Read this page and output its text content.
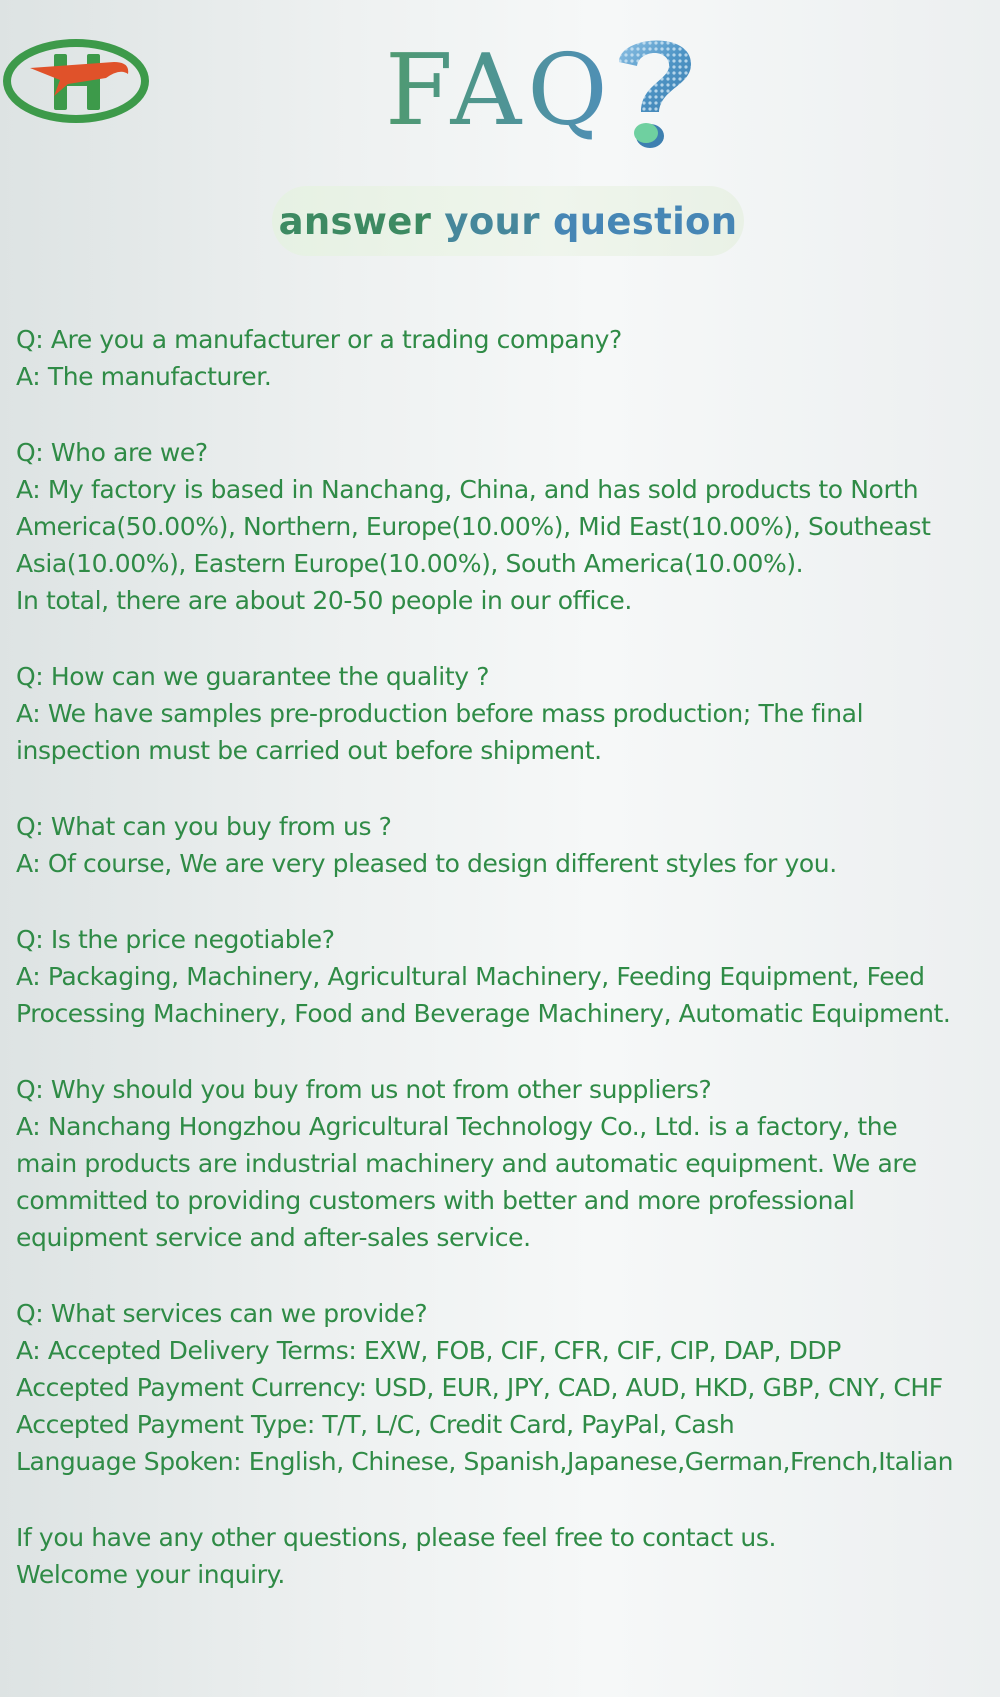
FAQ
answer
your
question

Q: Are you a manufacturer or a trading company?

A: The manufacturer.

Q: Who are we?

A: My factory is based in Nanchang, China, and has sold products to North

America(50.00%), Northern, Europe(10.00%), Mid East(10.00%), Southeast

Asia(10.00%), Eastern Europe(10.00%), South America(10.00%).

In total, there are about 20-50 people in our office.

Q: How can we guarantee the quality ?

A: We have samples pre-production before mass production; The final

inspection must be carried out before shipment.

Q: What can you buy from us ?

A: Of course, We are very pleased to design different styles for you.

Q: Is the price negotiable?

A: Packaging, Machinery, Agricultural Machinery, Feeding Equipment, Feed

Processing Machinery, Food and Beverage Machinery, Automatic Equipment.

Q: Why should you buy from us not from other suppliers?

A: Nanchang Hongzhou Agricultural Technology Co., Ltd. is a factory, the

main products are industrial machinery and automatic equipment. We are

committed to providing customers with better and more professional

equipment service and after-sales service.

Q: What services can we provide?

A: Accepted Delivery Terms: EXW, FOB, CIF, CFR, CIF, CIP, DAP, DDP

Accepted Payment Currency: USD, EUR, JPY, CAD, AUD, HKD, GBP, CNY, CHF

Accepted Payment Type: T/T, L/C, Credit Card, PayPal, Cash

Language Spoken: English, Chinese, Spanish,Japanese,German,French,Italian

If you have any other questions, please feel free to contact us.

Welcome your inquiry.
